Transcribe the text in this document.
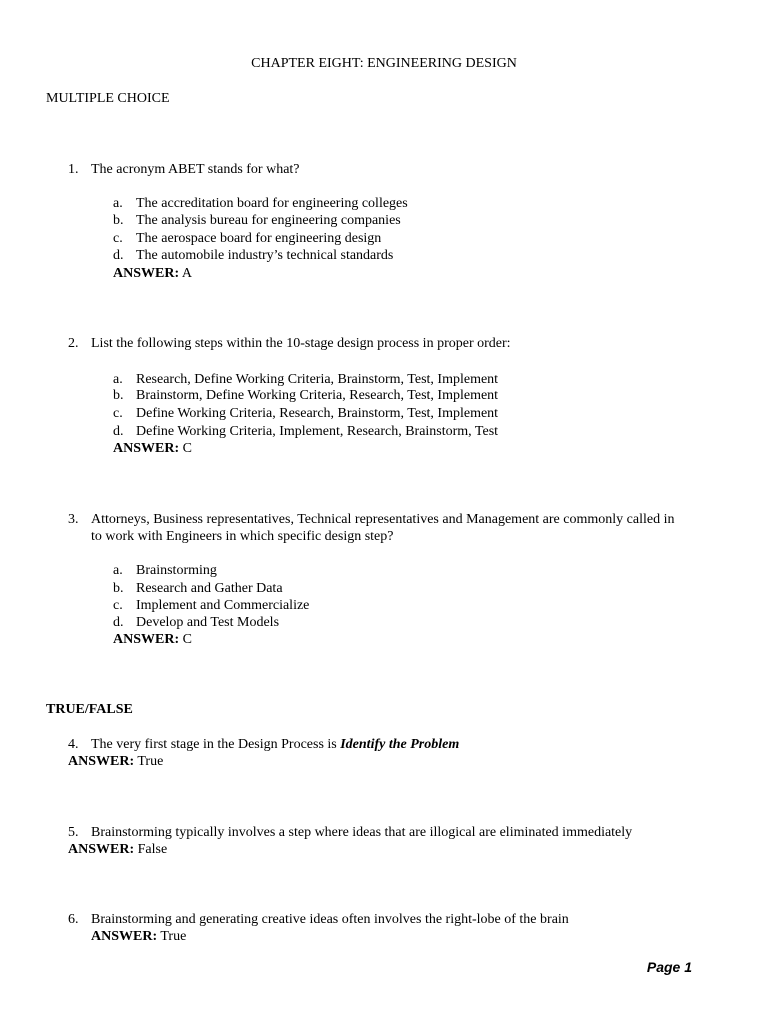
CHAPTER EIGHT: ENGINEERING DESIGN
MULTIPLE CHOICE
1. The acronym ABET stands for what?
a. The accreditation board for engineering colleges
b. The analysis bureau for engineering companies
c. The aerospace board for engineering design
d. The automobile industry’s technical standards
ANSWER: A
2. List the following steps within the 10-stage design process in proper order:
a. Research, Define Working Criteria, Brainstorm, Test, Implement
b. Brainstorm, Define Working Criteria, Research, Test, Implement
c. Define Working Criteria, Research, Brainstorm, Test, Implement
d. Define Working Criteria, Implement, Research, Brainstorm, Test
ANSWER: C
3. Attorneys, Business representatives, Technical representatives and Management are commonly called in
to work with Engineers in which specific design step?
a. Brainstorming
b. Research and Gather Data
c. Implement and Commercialize
d. Develop and Test Models
ANSWER: C
TRUE/FALSE
4. The very first stage in the Design Process is Identify the Problem
ANSWER: True
5. Brainstorming typically involves a step where ideas that are illogical are eliminated immediately
ANSWER: False
6. Brainstorming and generating creative ideas often involves the right-lobe of the brain
ANSWER: True
Page 1
